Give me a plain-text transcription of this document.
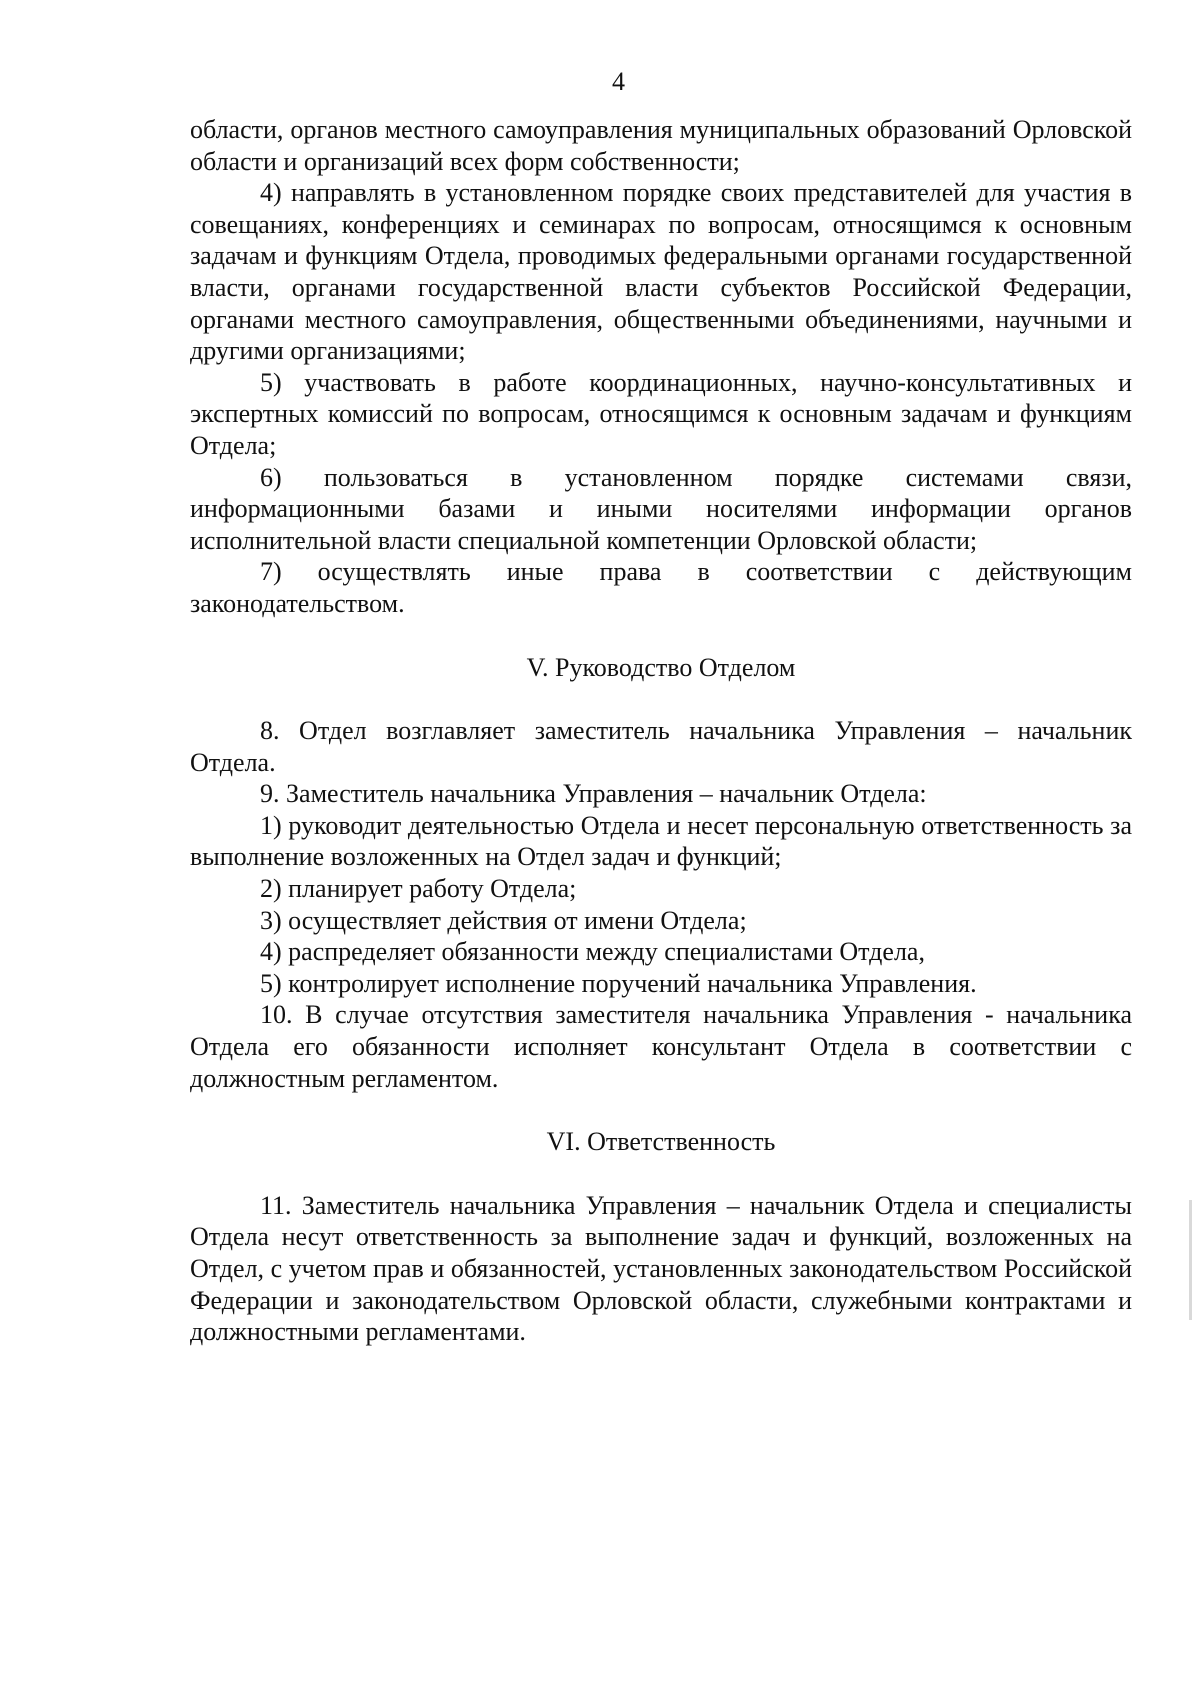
4

области, органов местного самоуправления муниципальных образований Орловской области и организаций всех форм собственности;

4) направлять в установленном порядке своих представителей для участия в совещаниях, конференциях и семинарах по вопросам, относящимся к основным задачам и функциям Отдела, проводимых федеральными органами государственной власти, органами государственной власти субъектов Российской Федерации, органами местного самоуправления, общественными объединениями, научными и другими организациями;

5) участвовать в работе координационных, научно-консультативных и экспертных комиссий по вопросам, относящимся к основным задачам и функциям Отдела;

6) пользоваться в установленном порядке системами связи, информационными базами и иными носителями информации органов исполнительной власти специальной компетенции Орловской области;

7) осуществлять иные права в соответствии с действующим законодательством.

V. Руководство Отделом

8. Отдел возглавляет заместитель начальника Управления – начальник Отдела.

9. Заместитель начальника Управления – начальник Отдела:

1) руководит деятельностью Отдела и несет персональную ответственность за выполнение возложенных на Отдел задач и функций;

2) планирует работу Отдела;

3) осуществляет действия от имени Отдела;

4) распределяет обязанности между специалистами Отдела,

5) контролирует исполнение поручений начальника Управления.

10. В случае отсутствия заместителя начальника Управления - начальника Отдела его обязанности исполняет консультант Отдела в соответствии с должностным регламентом.

VI. Ответственность

11. Заместитель начальника Управления – начальник Отдела и специалисты Отдела несут ответственность за выполнение задач и функций, возложенных на Отдел, с учетом прав и обязанностей, установленных законодательством Российской Федерации и законодательством Орловской области, служебными контрактами и должностными регламентами.
